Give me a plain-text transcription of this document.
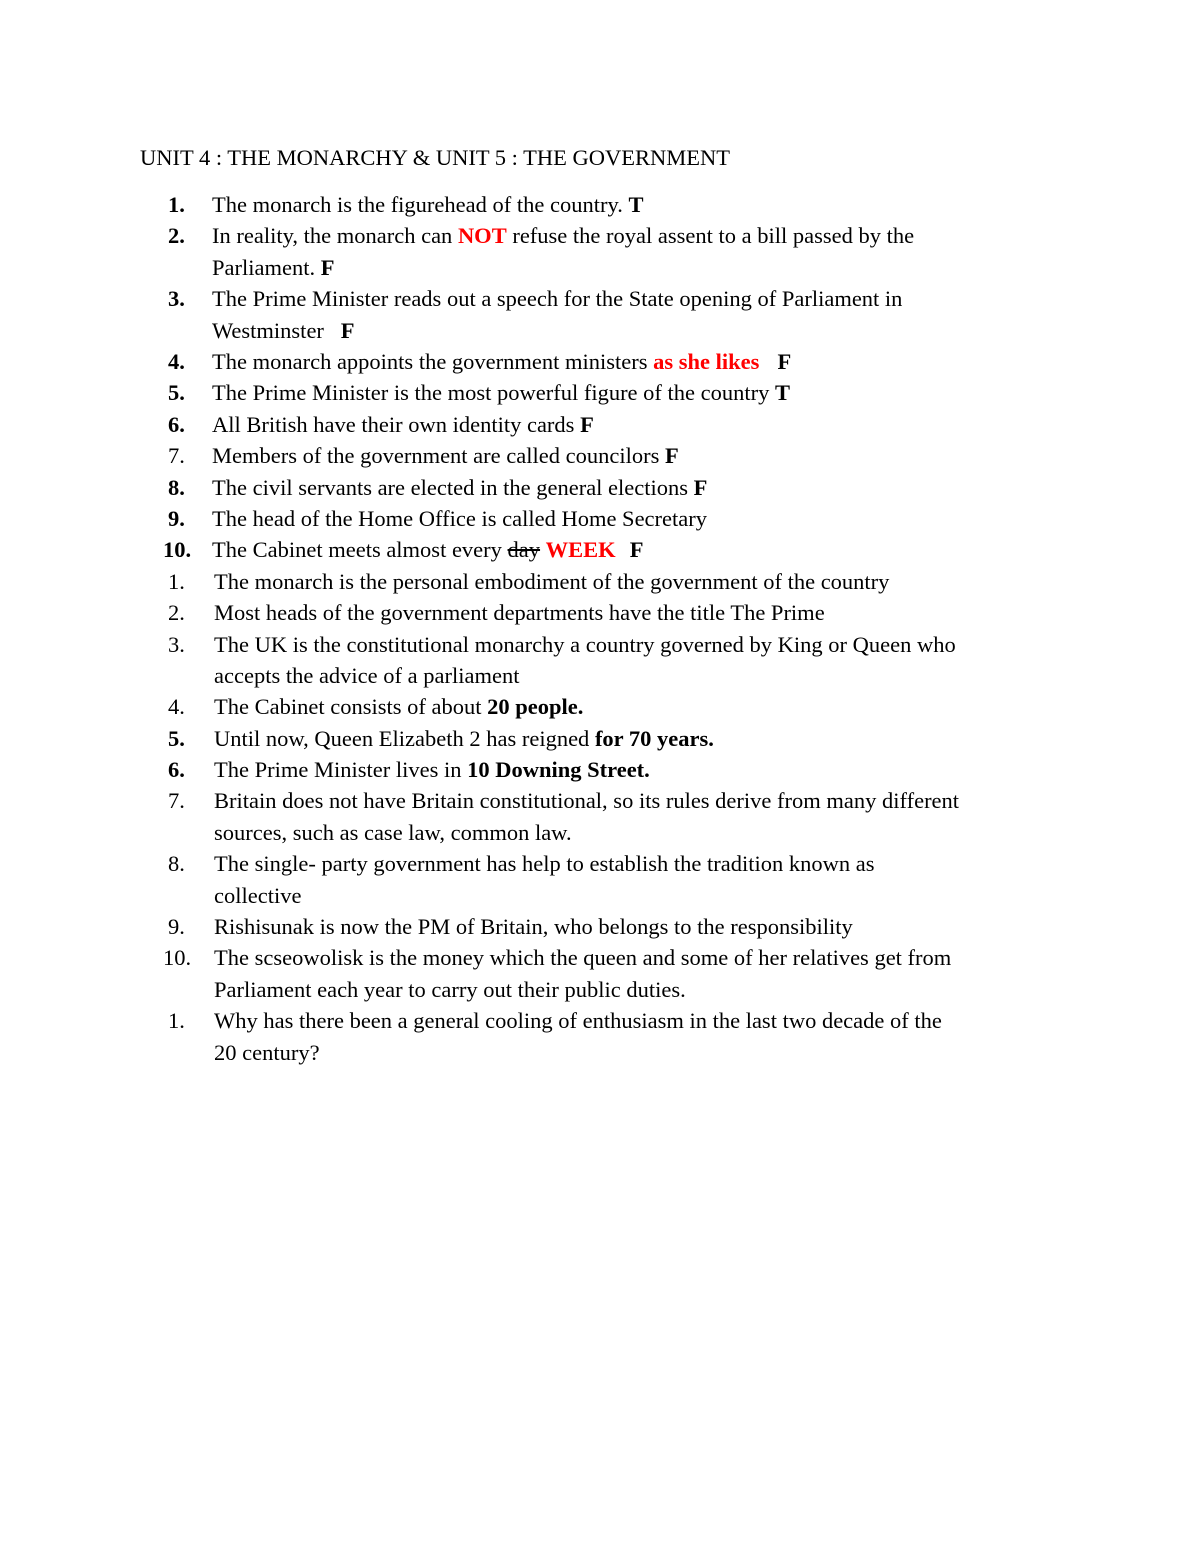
UNIT 4 : THE MONARCHY & UNIT 5 : THE GOVERNMENT
1. The monarch is the figurehead of the country. T
2. In reality, the monarch can NOT refuse the royal assent to a bill passed by the
Parliament. F
3. The Prime Minister reads out a speech for the State opening of Parliament in
Westminster   F
4. The monarch appoints the government ministers as she likes F
5. The Prime Minister is the most powerful figure of the country T
6. All British have their own identity cards F
7. Members of the government are called councilors F
8. The civil servants are elected in the general elections F
9. The head of the Home Office is called Home Secretary
10. The Cabinet meets almost every day WEEK F
1. The monarch is the personal embodiment of the government of the country
2. Most heads of the government departments have the title The Prime
3. The UK is the constitutional monarchy a country governed by King or Queen who
accepts the advice of a parliament
4. The Cabinet consists of about 20 people.
5. Until now, Queen Elizabeth 2 has reigned for 70 years.
6. The Prime Minister lives in 10 Downing Street.
7. Britain does not have Britain constitutional, so its rules derive from many different
sources, such as case law, common law.
8. The single- party government has help to establish the tradition known as
collective
9. Rishisunak is now the PM of Britain, who belongs to the responsibility
10. The scseowolisk is the money which the queen and some of her relatives get from
Parliament each year to carry out their public duties.
1. Why has there been a general cooling of enthusiasm in the last two decade of the
20 century?
